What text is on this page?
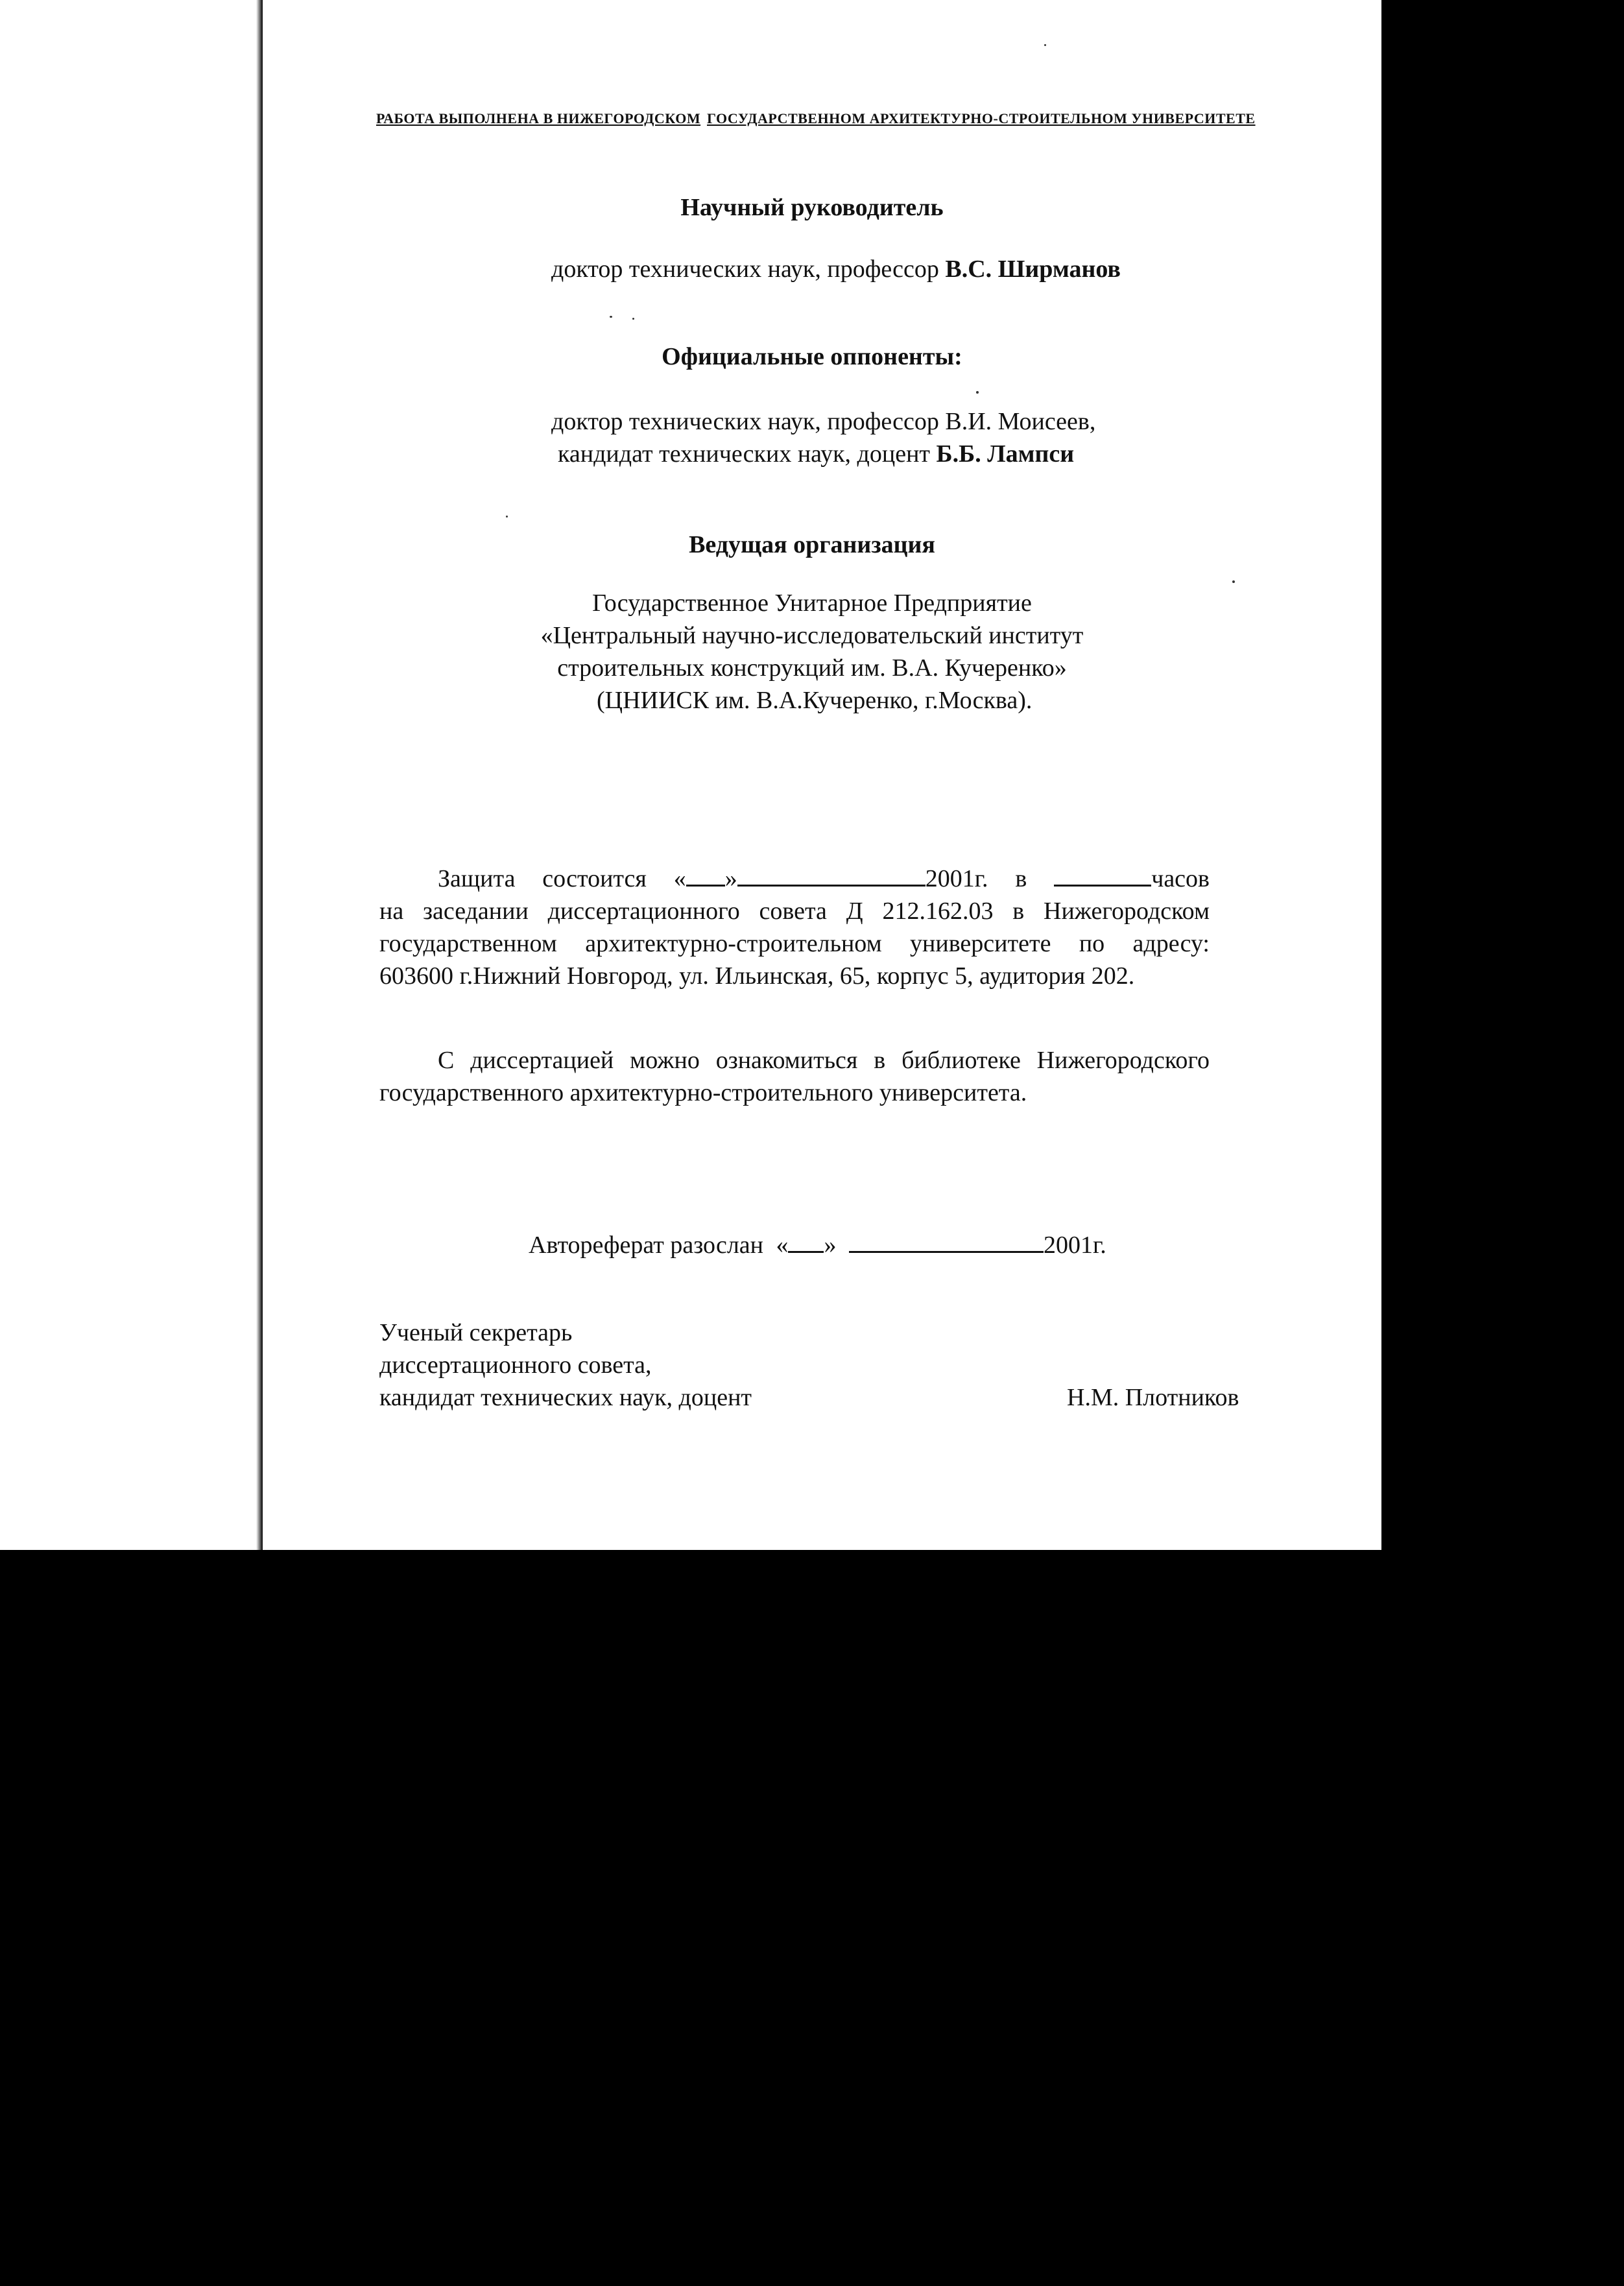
РАБОТА ВЫПОЛНЕНА В НИЖЕГОРОДСКОМ ГОСУДАРСТВЕННОМ АРХИТЕКТУРНО-СТРОИТЕЛЬНОМ УНИВЕРСИТЕТЕ
Научный руководитель
доктор технических наук, профессор В.С. Ширманов
Официальные оппоненты:
доктор технических наук, профессор В.И. Моисеев,
кандидат технических наук, доцент Б.Б. Лампси
Ведущая организация
Государственное Унитарное Предприятие
«Центральный научно-исследовательский институт
строительных конструкций им. В.А. Кучеренко»
(ЦНИИСК им. В.А.Кучеренко, г.Москва).

Защита состоится « »	2001г. в	часов

на заседании диссертационного совета Д 212.162.03 в Нижегородском

государственном архитектурно-строительном университете по адресу:

603600 г.Нижний Новгород, ул. Ильинская, 65, корпус 5, аудитория 202.

С диссертацией можно ознакомиться в библиотеке Нижегородского

государственного архитектурно-строительного университета.

Автореферат разослан « »	2001г.
Ученый секретарь
диссертационного совета,
кандидат технических наук, доцент	Н.М. Плотников
